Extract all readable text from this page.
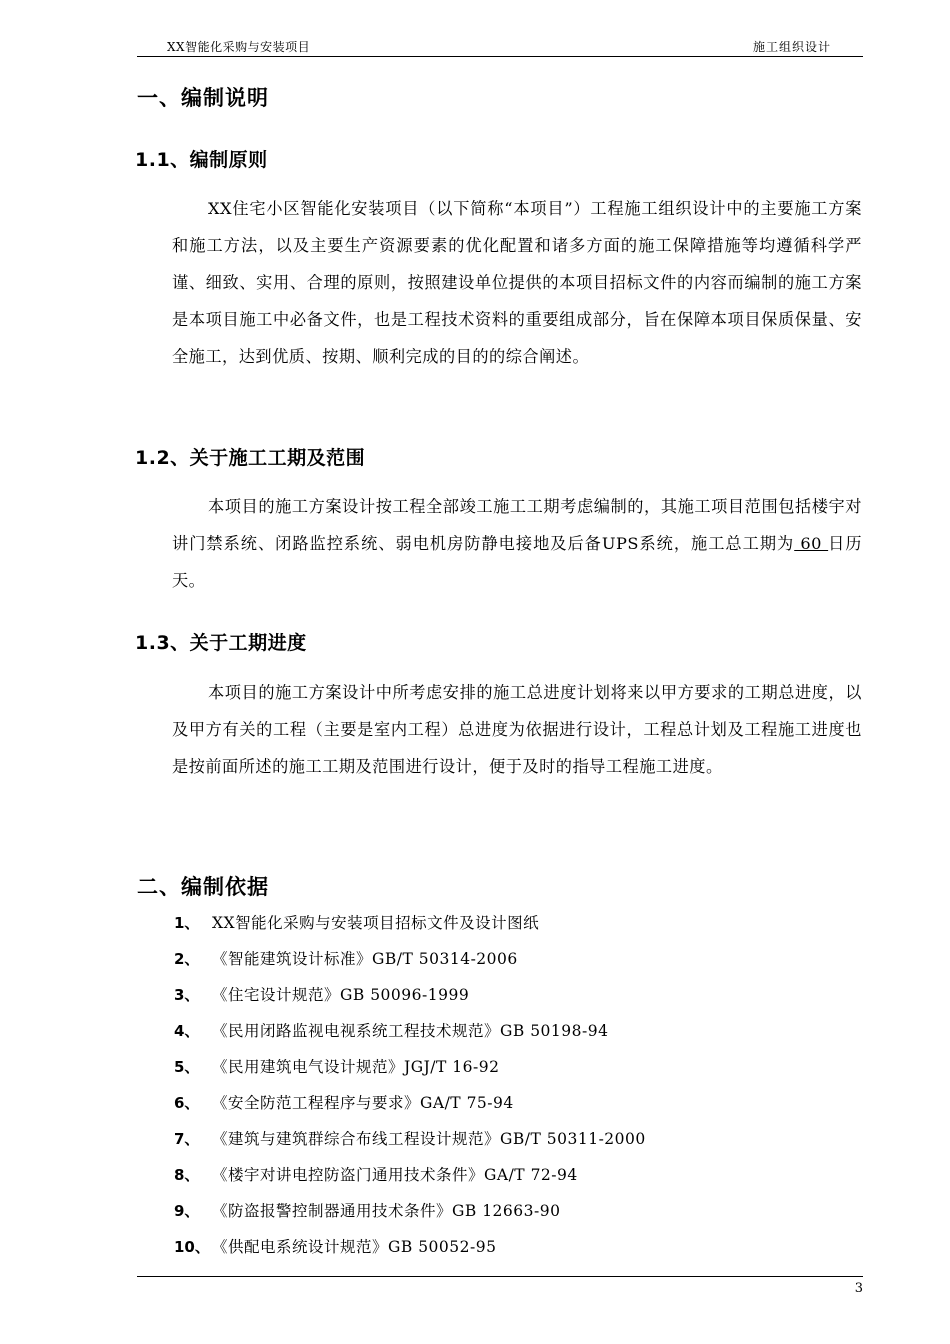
XX智能化采购与安装项目	施工组织设计
一、编制说明
1.1、编制原则

XX住宅小区智能化安装项目（以下简称“本项目”）工程施工组织设计中的主要施工方案和施工方法，以及主要生产资源要素的优化配置和诸多方面的施工保障措施等均遵循科学严谨、细致、实用、合理的原则，按照建设单位提供的本项目招标文件的内容而编制的施工方案是本项目施工中必备文件，也是工程技术资料的重要组成部分，旨在保障本项目保质保量、安全施工，达到优质、按期、顺利完成的目的的综合阐述。

1.2、关于施工工期及范围

本项目的施工方案设计按工程全部竣工施工工期考虑编制的，其施工项目范围包括楼宇对讲门禁系统、闭路监控系统、弱电机房防静电接地及后备UPS系统，施工总工期为 60 日历天。

1.3、关于工期进度

本项目的施工方案设计中所考虑安排的施工总进度计划将来以甲方要求的工期总进度，以及甲方有关的工程（主要是室内工程）总进度为依据进行设计，工程总计划及工程施工进度也是按前面所述的施工工期及范围进行设计，便于及时的指导工程施工进度。

二、编制依据
1、 XX智能化采购与安装项目招标文件及设计图纸
2、 《智能建筑设计标准》GB/T 50314-2006
3、 《住宅设计规范》GB 50096-1999
4、 《民用闭路监视电视系统工程技术规范》GB 50198-94
5、 《民用建筑电气设计规范》JGJ/T 16-92
6、 《安全防范工程程序与要求》GA/T 75-94
7、 《建筑与建筑群综合布线工程设计规范》GB/T 50311-2000
8、 《楼宇对讲电控防盗门通用技术条件》GA/T 72-94
9、 《防盗报警控制器通用技术条件》GB 12663-90
10、 《供配电系统设计规范》GB 50052-95
3
